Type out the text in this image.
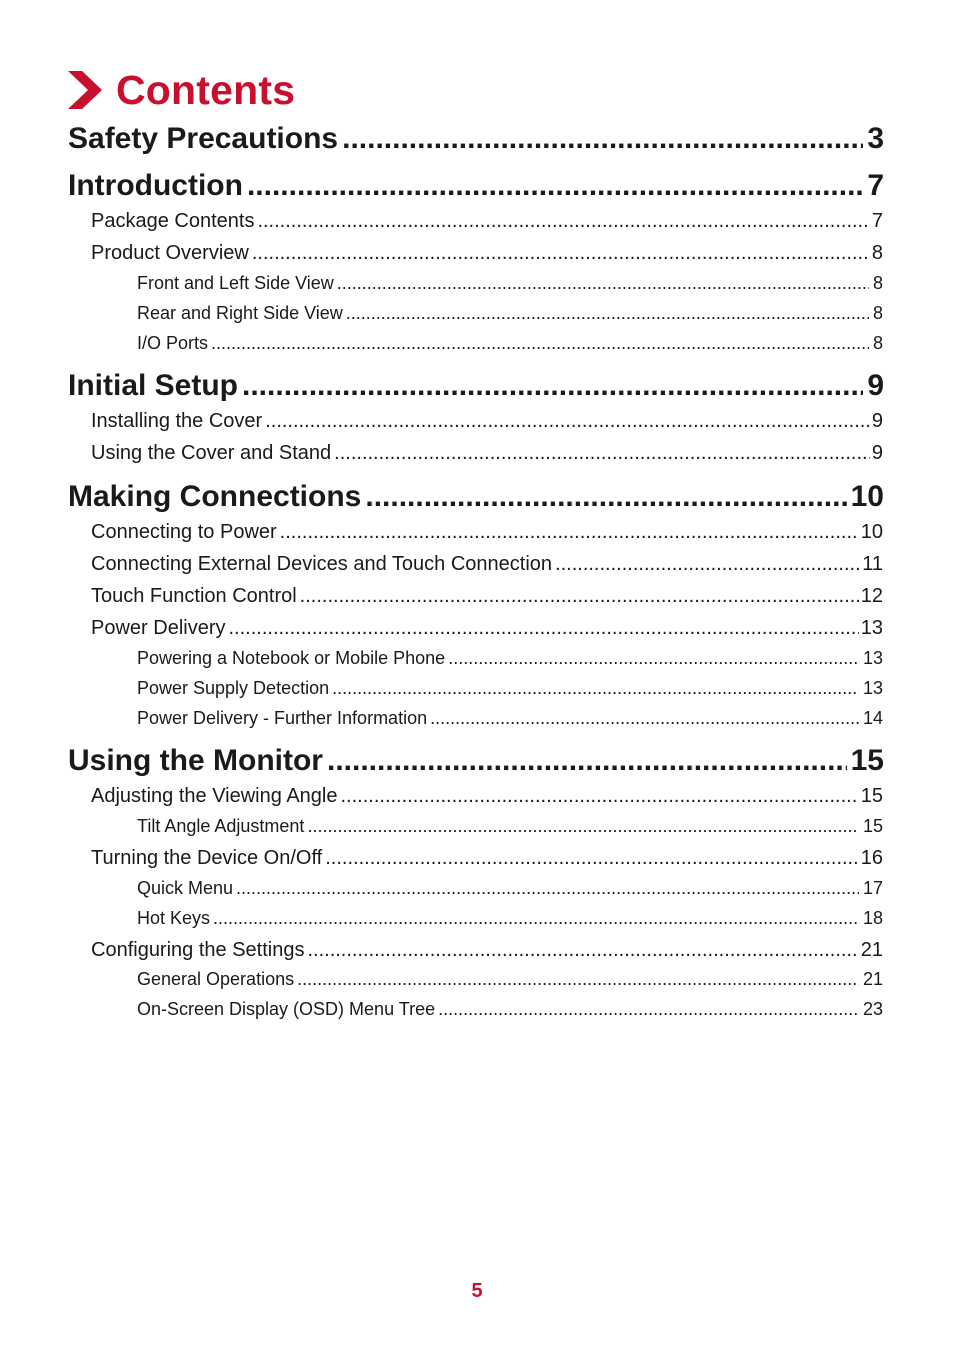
Contents
Safety Precautions .....	3
Introduction .....	7
Package Contents .....	7
Product Overview .....	8
Front and Left Side View .....	8
Rear and Right Side View .....	8
I/O Ports .....	8
Initial Setup .....	9
Installing the Cover .....	9
Using the Cover and Stand .....	9
Making Connections .....	10
Connecting to Power .....	10
Connecting External Devices and Touch Connection .....	11
Touch Function Control .....	12
Power Delivery .....	13
Powering a Notebook or Mobile Phone .....	13
Power Supply Detection .....	13
Power Delivery - Further Information .....	14
Using the Monitor .....	15
Adjusting the Viewing Angle .....	15
Tilt Angle Adjustment .....	15
Turning the Device On/Off .....	16
Quick Menu .....	17
Hot Keys .....	18
Configuring the Settings .....	21
General Operations .....	21
On-Screen Display (OSD) Menu Tree .....	23
5
